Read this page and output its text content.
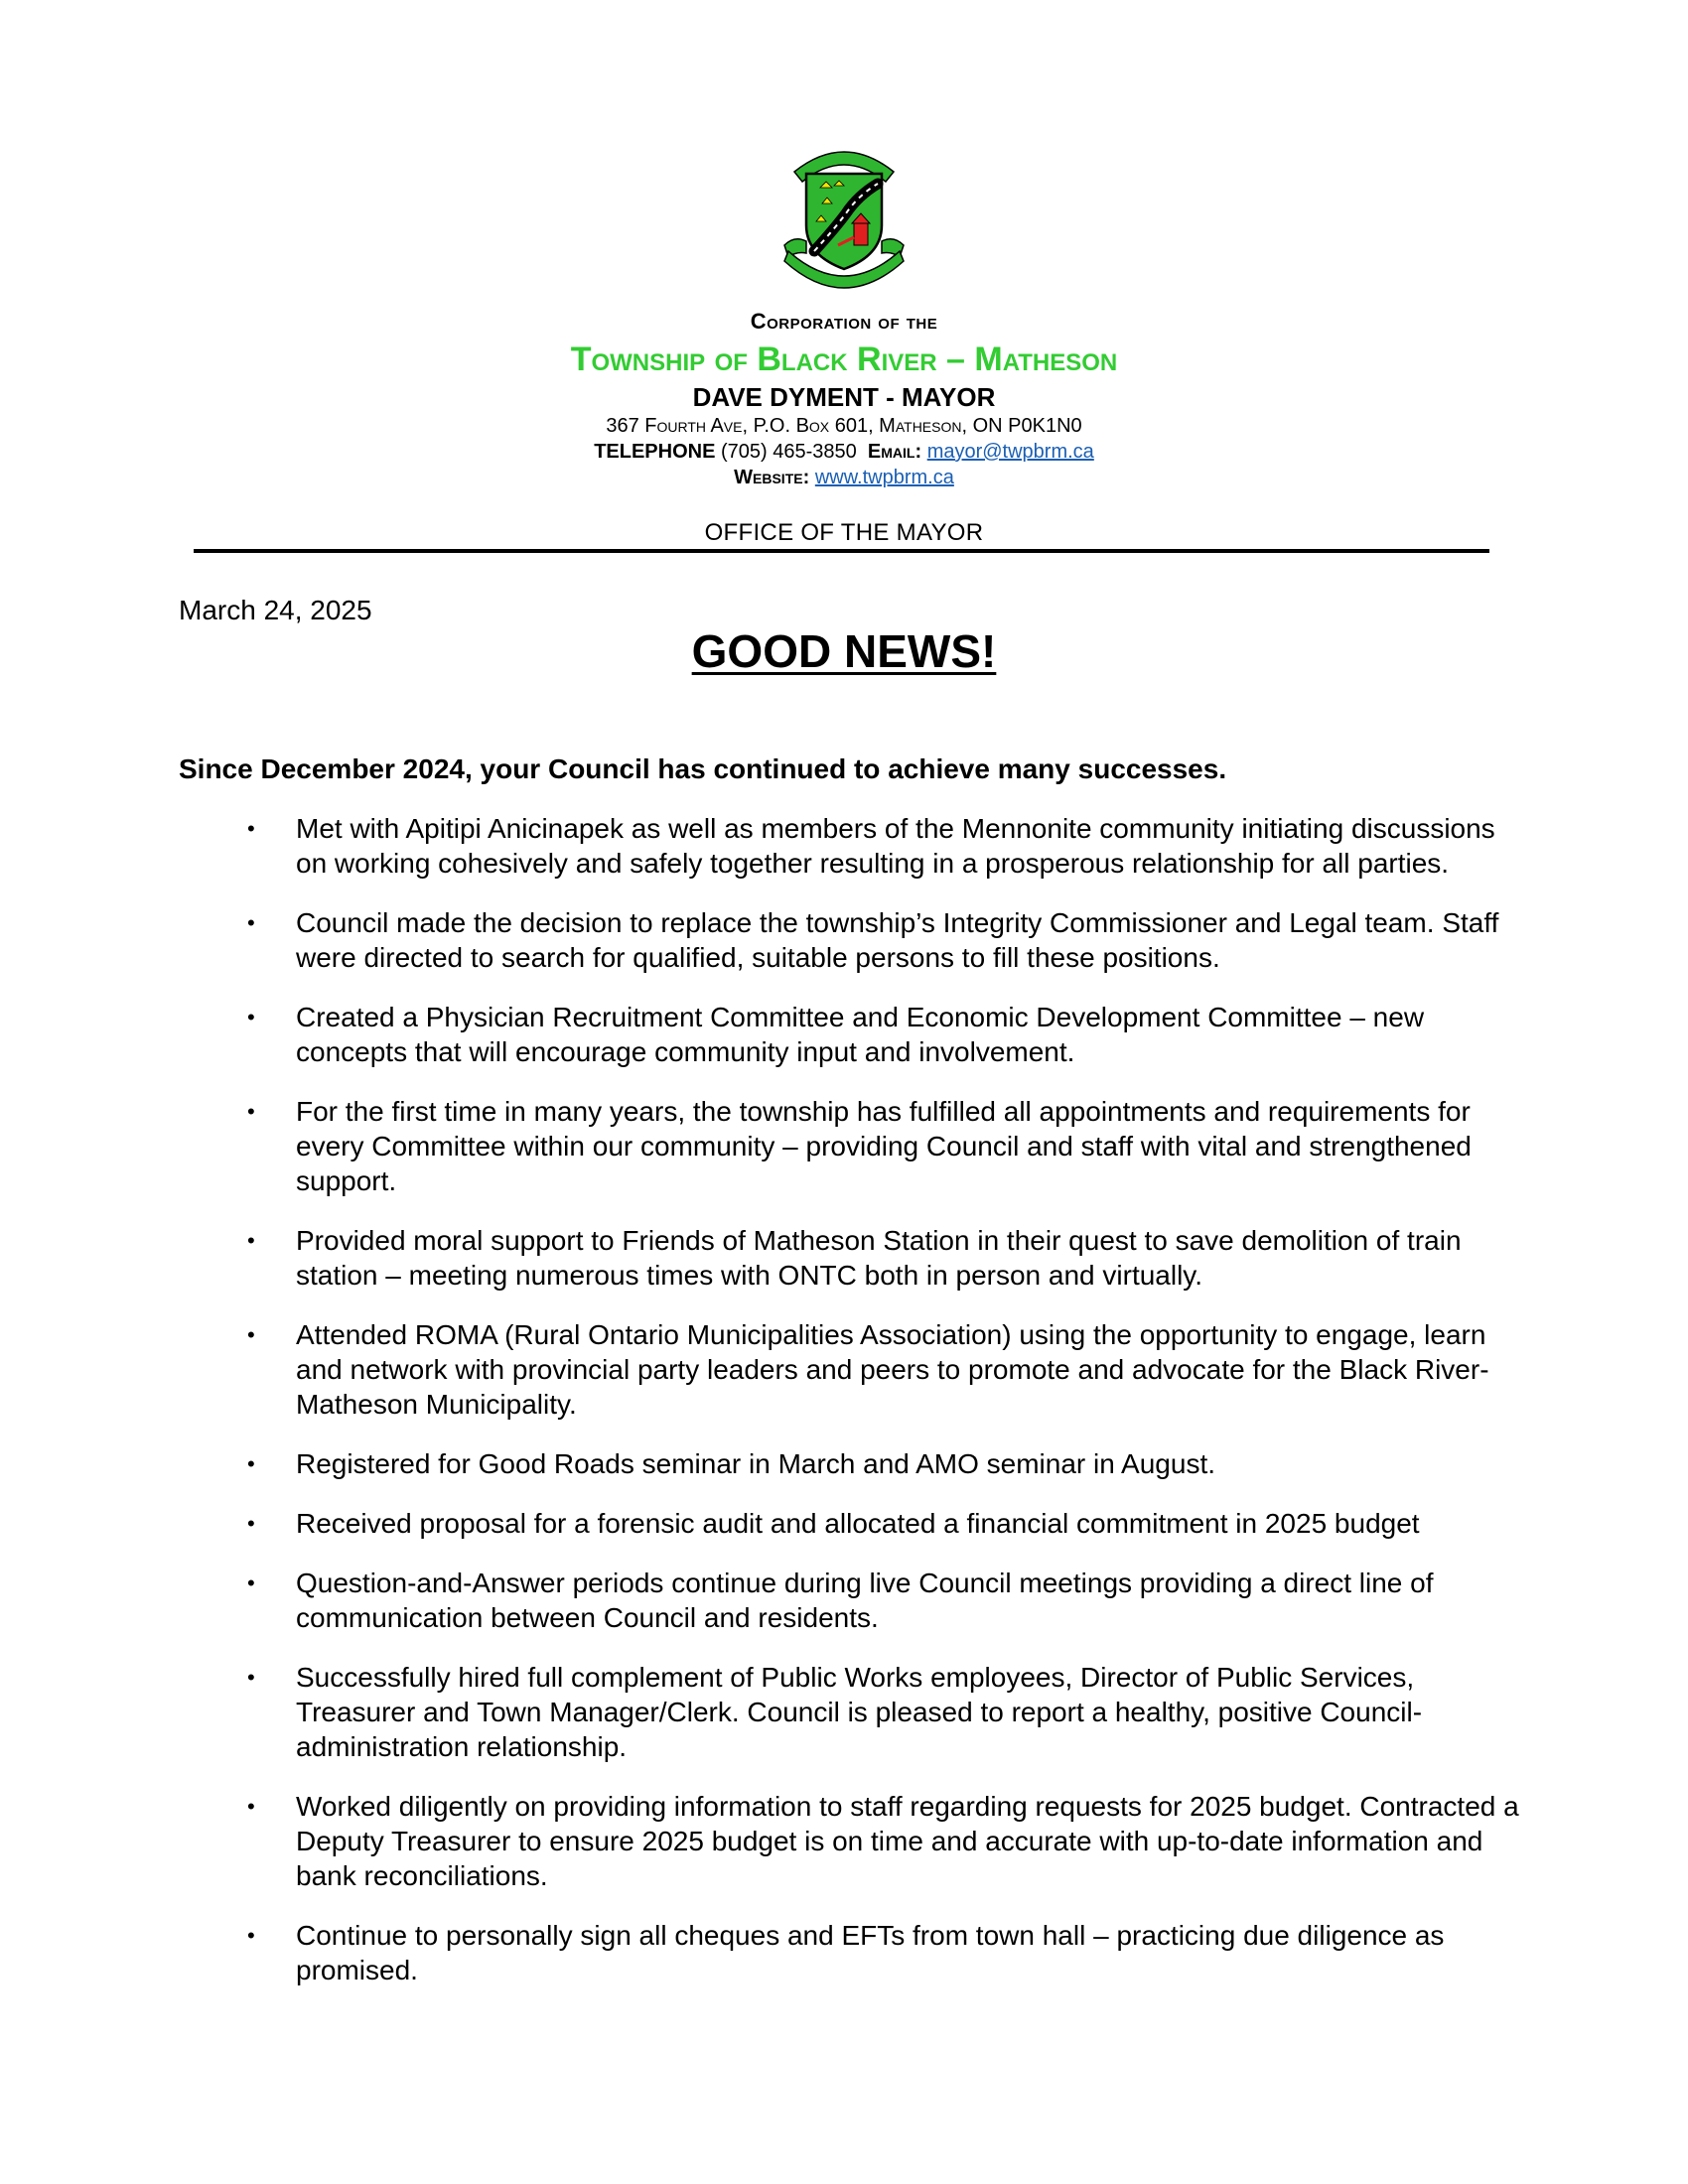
Corporation of the
Township of Black River – Matheson
DAVE DYMENT - MAYOR
367 Fourth Ave, P.O. Box 601, Matheson, ON P0K1N0
TELEPHONE (705) 465-3850 Email: mayor@twpbrm.ca
Website: www.twpbrm.ca
OFFICE OF THE MAYOR
March 24, 2025
GOOD NEWS!
Since December 2024, your Council has continued to achieve many successes.
• Met with Apitipi Anicinapek as well as members of the Mennonite community initiating discussions on working cohesively and safely together resulting in a prosperous relationship for all parties.
• Council made the decision to replace the township’s Integrity Commissioner and Legal team. Staff were directed to search for qualified, suitable persons to fill these positions.
• Created a Physician Recruitment Committee and Economic Development Committee – new concepts that will encourage community input and involvement.
• For the first time in many years, the township has fulfilled all appointments and requirements for every Committee within our community – providing Council and staff with vital and strengthened support.
• Provided moral support to Friends of Matheson Station in their quest to save demolition of train station – meeting numerous times with ONTC both in person and virtually.
• Attended ROMA (Rural Ontario Municipalities Association) using the opportunity to engage, learn and network with provincial party leaders and peers to promote and advocate for the Black River-Matheson Municipality.
• Registered for Good Roads seminar in March and AMO seminar in August.
• Received proposal for a forensic audit and allocated a financial commitment in 2025 budget
• Question-and-Answer periods continue during live Council meetings providing a direct line of communication between Council and residents.
• Successfully hired full complement of Public Works employees, Director of Public Services, Treasurer and Town Manager/Clerk. Council is pleased to report a healthy, positive Council-administration relationship.
• Worked diligently on providing information to staff regarding requests for 2025 budget. Contracted a Deputy Treasurer to ensure 2025 budget is on time and accurate with up-to-date information and bank reconciliations.
• Continue to personally sign all cheques and EFTs from town hall – practicing due diligence as promised.
